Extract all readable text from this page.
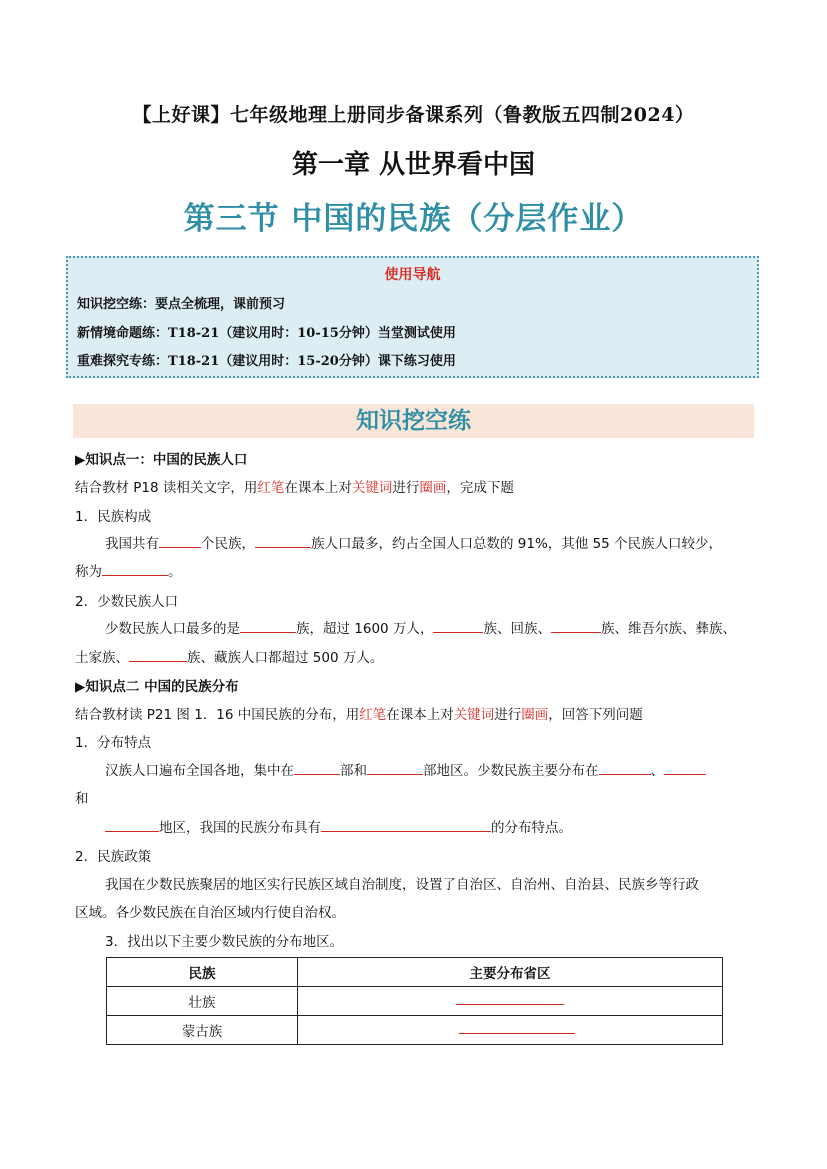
【上好课】七年级地理上册同步备课系列（鲁教版五四制2024）
第一章 从世界看中国
第三节 中国的民族（分层作业）
使用导航
知识挖空练：要点全梳理，课前预习
新情境命题练：T18-21（建议用时：10-15分钟）当堂测试使用
重难探究专练：T18-21（建议用时：15-20分钟）课下练习使用
知识挖空练
▶知识点一：中国的民族人口
结合教材 P18 读相关文字，用红笔在课本上对关键词进行圈画，完成下题
1．民族构成
我国共有	个民族，	族人口最多，约占全国人口总数的 91%，其他 55 个民族人口较少，
称为	。
2．少数民族人口
少数民族人口最多的是	族，超过 1600 万人，	族、回族、	族、维吾尔族、彝族、
土家族、	族、藏族人口都超过 500 万人。
▶知识点二 中国的民族分布
结合教材读 P21 图 1．16 中国民族的分布，用红笔在课本上对关键词进行圈画，回答下列问题
1．分布特点
汉族人口遍布全国各地，集中在	部和	部地区。少数民族主要分布在	、
和
地区，我国的民族分布具有	的分布特点。
2．民族政策
我国在少数民族聚居的地区实行民族区域自治制度，设置了自治区、自治州、自治县、民族乡等行政
区域。各少数民族在自治区域内行使自治权。
3．找出以下主要少数民族的分布地区。
民族	主要分布省区
壮族	
蒙古族	
